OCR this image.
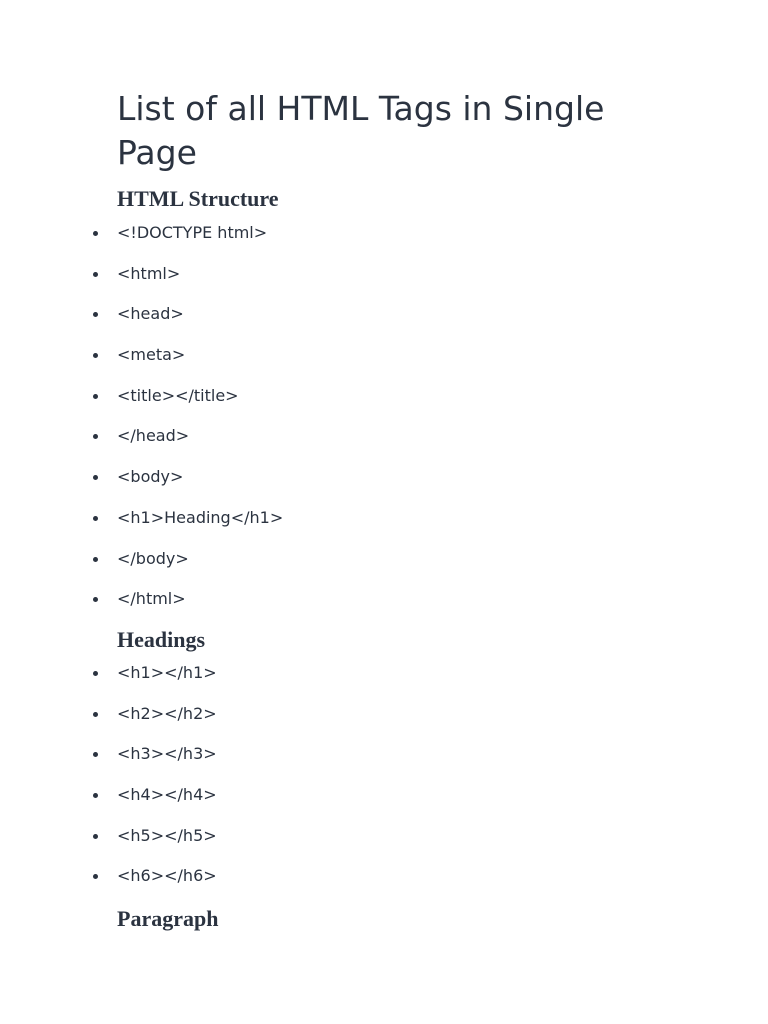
List of all HTML Tags in Single Page
HTML Structure
<!DOCTYPE html>
<html>
<head>
<meta>
<title></title>
</head>
<body>
<h1>Heading</h1>
</body>
</html>
Headings
<h1></h1>
<h2></h2>
<h3></h3>
<h4></h4>
<h5></h5>
<h6></h6>
Paragraph
